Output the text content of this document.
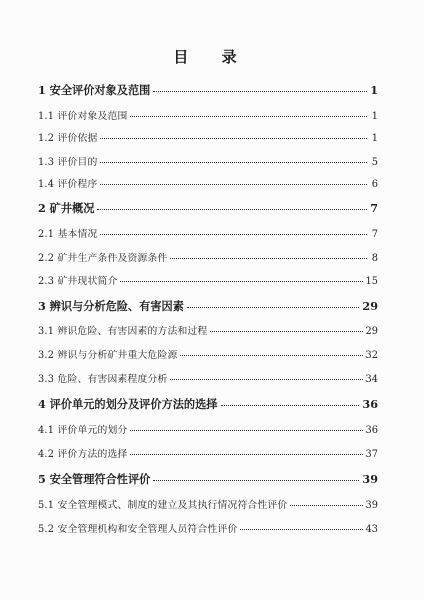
目 录
1 安全评价对象及范围	1
1.1 评价对象及范围	1
1.2 评价依据	1
1.3 评价目的	5
1.4 评价程序	6
2 矿井概况	7
2.1 基本情况	7
2.2 矿井生产条件及资源条件	8
2.3 矿井现状简介	15
3 辨识与分析危险、有害因素	29
3.1 辨识危险、有害因素的方法和过程	29
3.2 辨识与分析矿井重大危险源	32
3.3 危险、有害因素程度分析	34
4 评价单元的划分及评价方法的选择	36
4.1 评价单元的划分	36
4.2 评价方法的选择	37
5 安全管理符合性评价	39
5.1 安全管理模式、制度的建立及其执行情况符合性评价	39
5.2 安全管理机构和安全管理人员符合性评价	43
